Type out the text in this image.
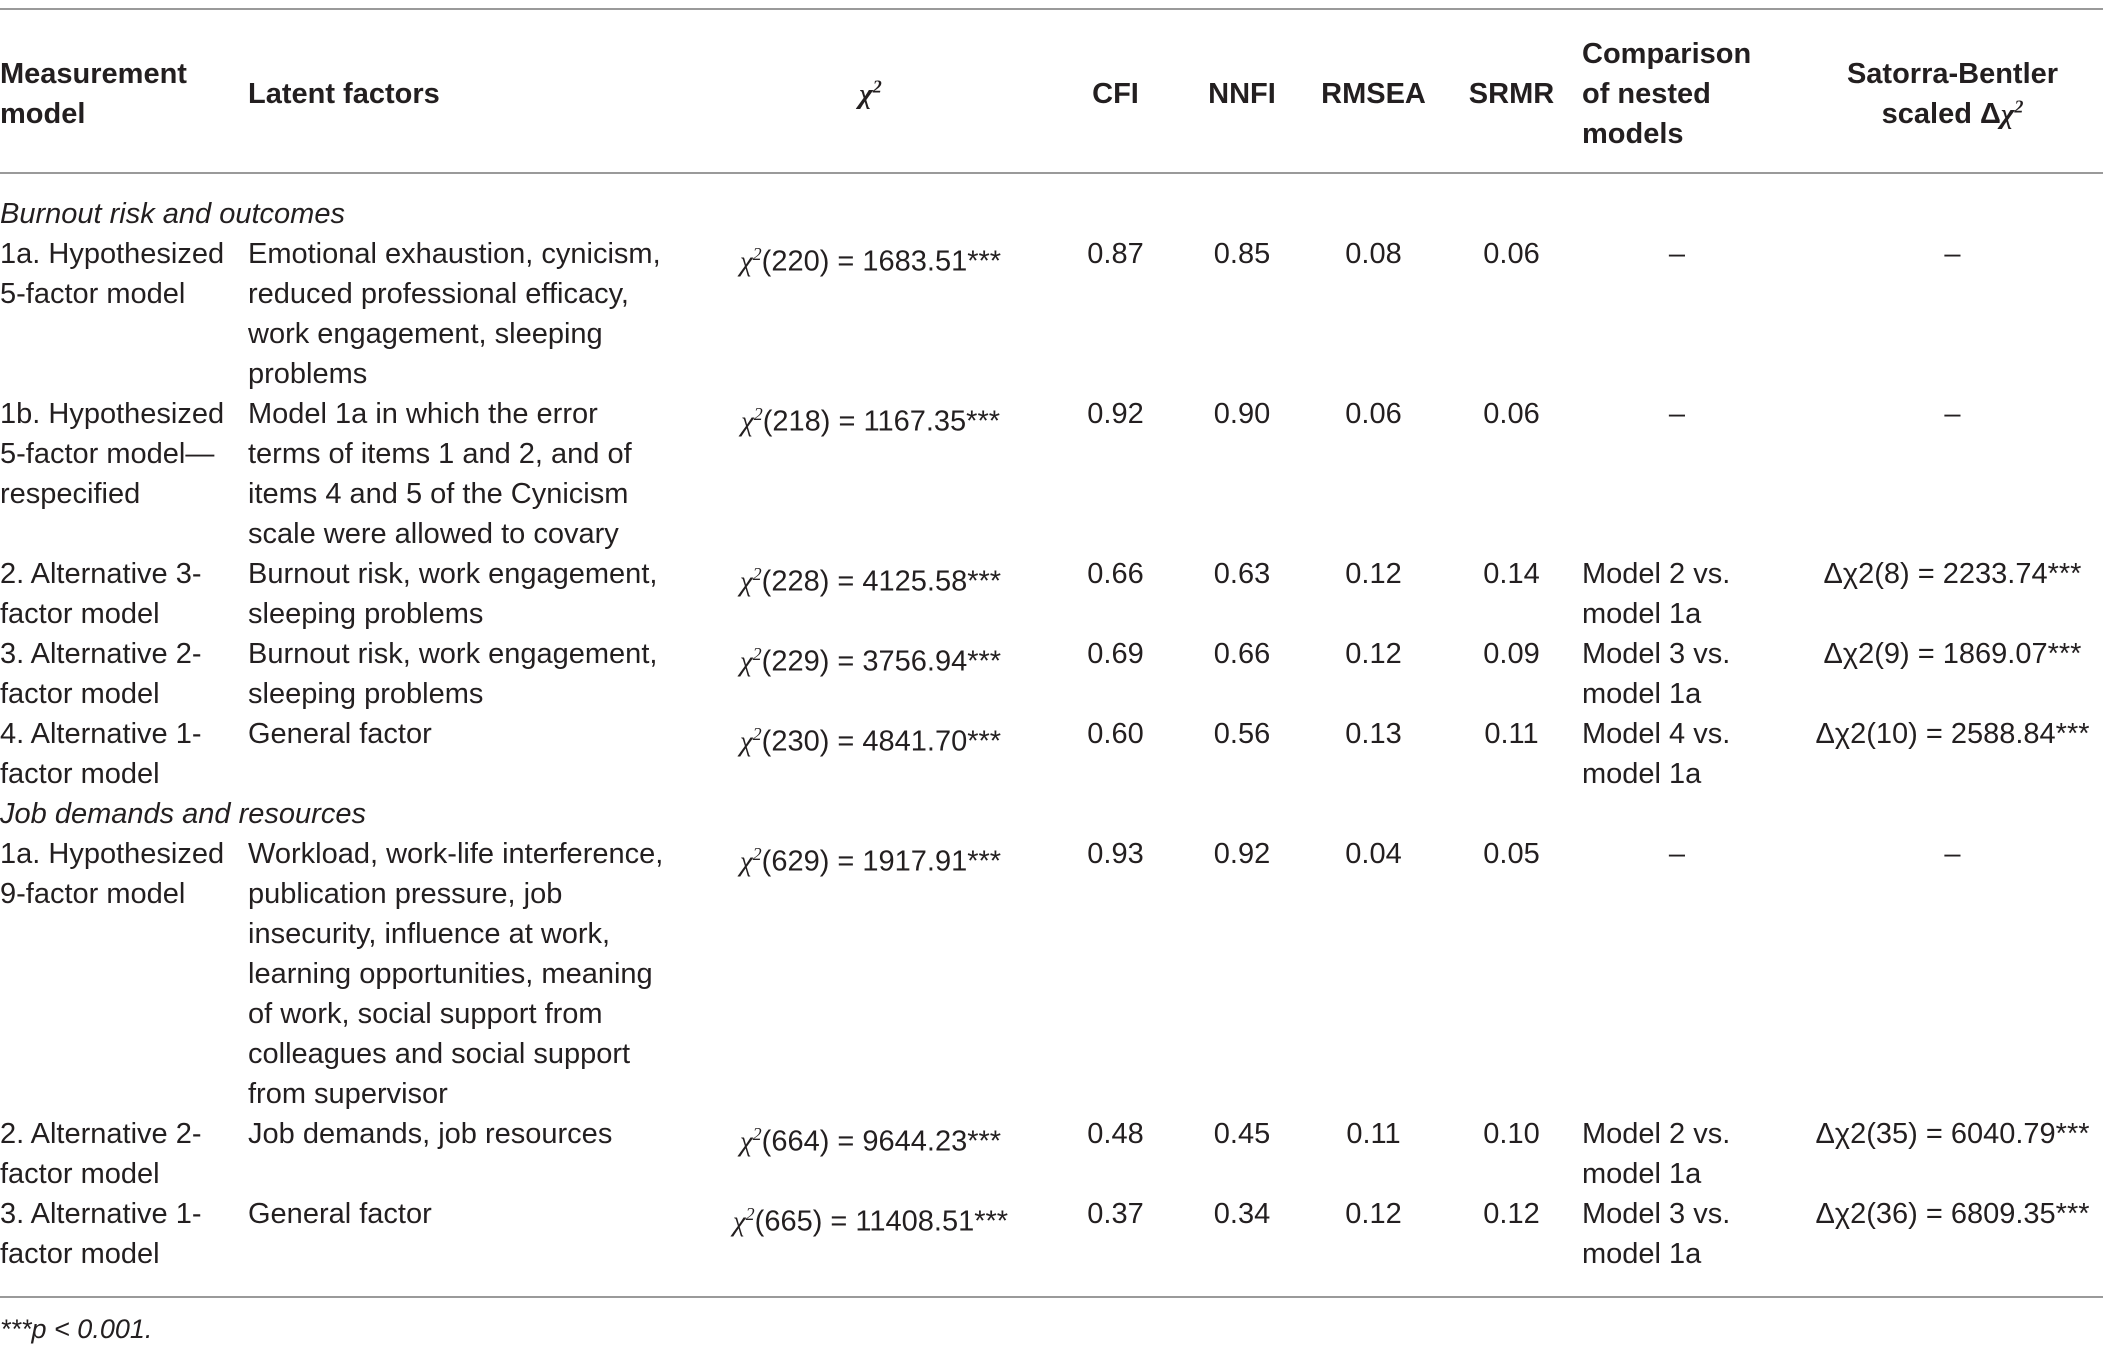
Measurement model	Latent factors	$\chi^2$	CFI	NNFI	RMSEA	SRMR	Comparison of nested models	Satorra-Bentler
scaled $\Delta\chi^2$
Burnout risk and outcomes								
1a. Hypothesized 5-factor model	Emotional exhaustion, cynicism, reduced professional efficacy, work engagement, sleeping problems	$\chi^2(220) = 1683.51***$	0.87	0.85	0.08	0.06	–	–
1b. Hypothesized 5-factor model—respecified	Model 1a in which the error terms of items 1 and 2, and of items 4 and 5 of the Cynicism scale were allowed to covary	$\chi^2(218) = 1167.35***$	0.92	0.90	0.06	0.06	–	–
2. Alternative 3-factor model	Burnout risk, work engagement, sleeping problems	$\chi^2(228) = 4125.58***$	0.66	0.63	0.12	0.14	Model 2 vs. model 1a	Δχ2(8) = 2233.74***
3. Alternative 2-factor model	Burnout risk, work engagement, sleeping problems	$\chi^2(229) = 3756.94***$	0.69	0.66	0.12	0.09	Model 3 vs. model 1a	Δχ2(9) = 1869.07***
4. Alternative 1-factor model	General factor	$\chi^2(230) = 4841.70***$	0.60	0.56	0.13	0.11	Model 4 vs. model 1a	Δχ2(10) = 2588.84***
Job demands and resources								
1a. Hypothesized 9-factor model	Workload, work-life interference, publication pressure, job insecurity, influence at work, learning opportunities, meaning of work, social support from colleagues and social support from supervisor	$\chi^2(629) = 1917.91***$	0.93	0.92	0.04	0.05	–	–
2. Alternative 2-factor model	Job demands, job resources	$\chi^2(664) = 9644.23***$	0.48	0.45	0.11	0.10	Model 2 vs. model 1a	Δχ2(35) = 6040.79***
3. Alternative 1-factor model	General factor	$\chi^2(665) = 11408.51***$	0.37	0.34	0.12	0.12	Model 3 vs. model 1a	Δχ2(36) = 6809.35***
***p < 0.001.
